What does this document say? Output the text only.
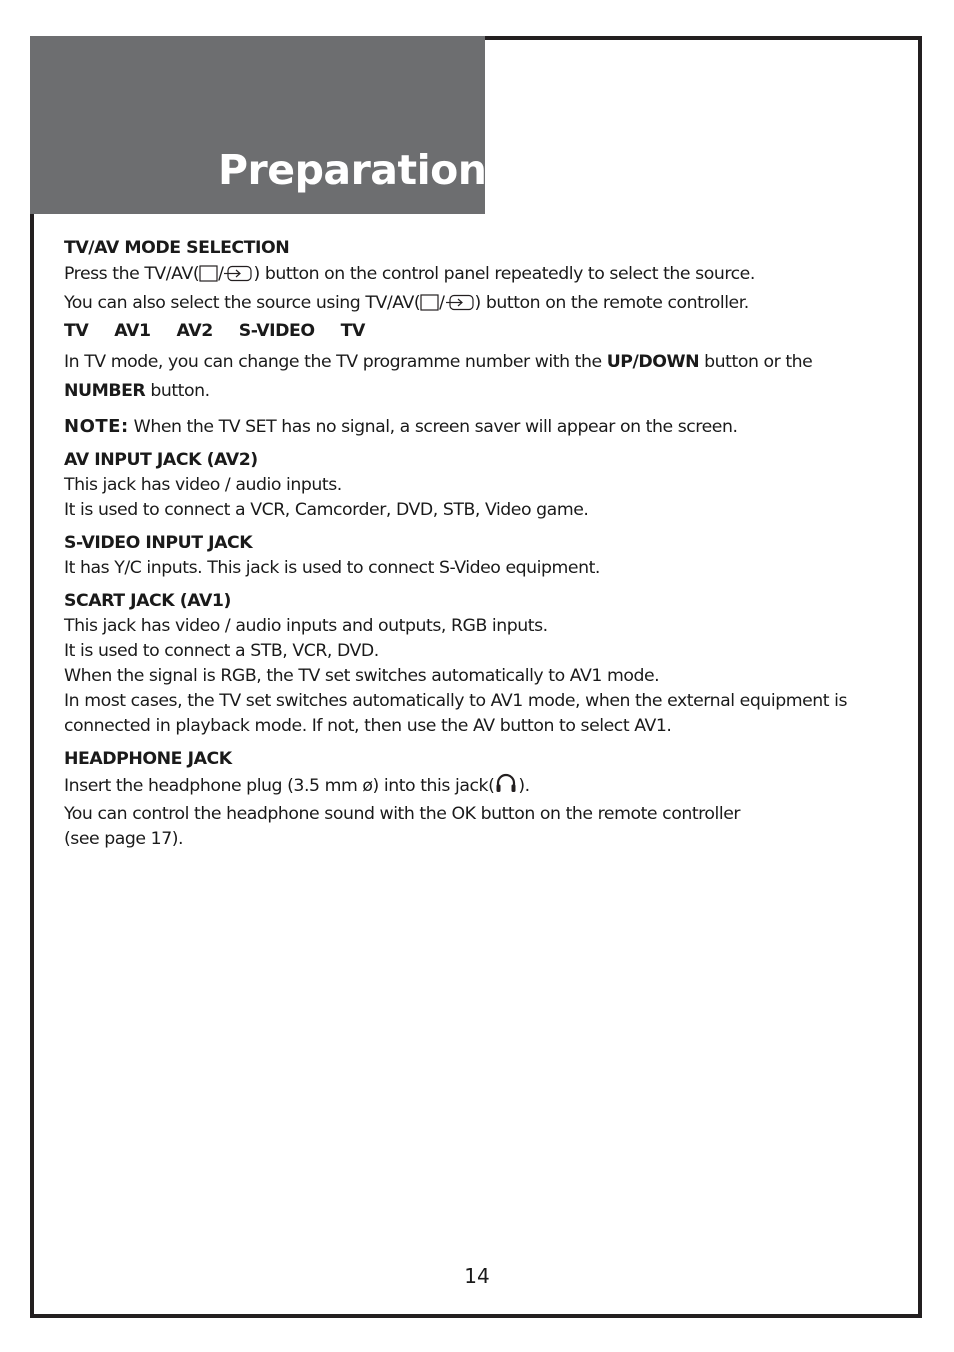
Preparation

TV/AV MODE SELECTION

Press the TV/AV( / ) button on the control panel repeatedly to select the source.

You can also select the source using TV/AV( / ) button on the remote controller.

TV AV1 AV2 S-VIDEO TV

In TV mode, you can change the TV programme number with the UP/DOWN button or the
NUMBER button.

NOTE: When the TV SET has no signal, a screen saver will appear on the screen.

AV INPUT JACK (AV2)

This jack has video / audio inputs.

It is used to connect a VCR, Camcorder, DVD, STB, Video game.

S-VIDEO INPUT JACK

It has Y/C inputs. This jack is used to connect S-Video equipment.

SCART JACK (AV1)

This jack has video / audio inputs and outputs, RGB inputs.

It is used to connect a STB, VCR, DVD.

When the signal is RGB, the TV set switches automatically to AV1 mode.

In most cases, the TV set switches automatically to AV1 mode, when the external equipment is

connected in playback mode. If not, then use the AV button to select AV1.

HEADPHONE JACK

Insert the headphone plug (3.5 mm ø) into this jack( ).

You can control the headphone sound with the OK button on the remote controller

(see page 17).

14
